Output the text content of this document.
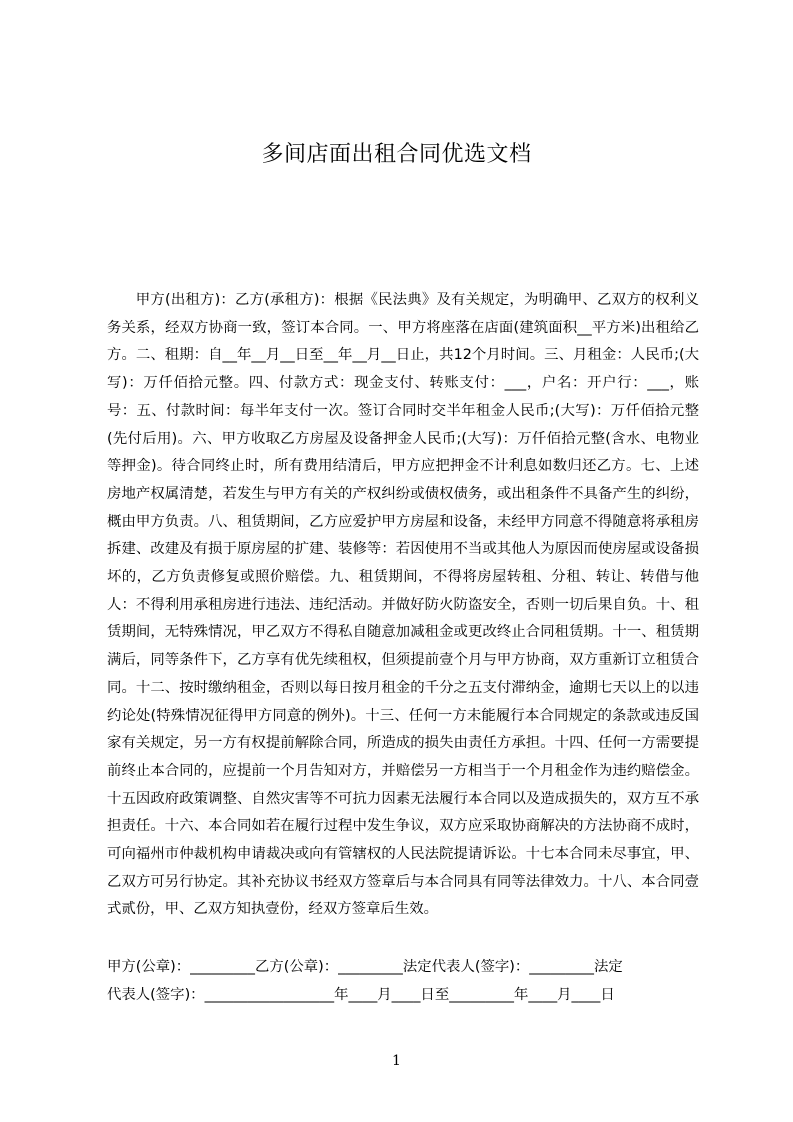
多间店面出租合同优选文档

甲方(出租方)：乙方(承租方)：根据《民法典》及有关规定，为明确甲、乙双方的权利义务关系，经双方协商一致，签订本合同。一、甲方将座落在店面(建筑面积__平方米)出租给乙方。二、租期：自__年__月__日至__年__月__日止，共12个月时间。三、月租金：人民币;(大写)：万仟佰拾元整。四、付款方式：现金支付、转账支付：___，户名：开户行：___，账号：五、付款时间：每半年支付一次。签订合同时交半年租金人民币;(大写)：万仟佰拾元整(先付后用)。六、甲方收取乙方房屋及设备押金人民币;(大写)：万仟佰拾元整(含水、电物业等押金)。待合同终止时，所有费用结清后，甲方应把押金不计利息如数归还乙方。七、上述房地产权属清楚，若发生与甲方有关的产权纠纷或债权债务，或出租条件不具备产生的纠纷，概由甲方负责。八、租赁期间，乙方应爱护甲方房屋和设备，未经甲方同意不得随意将承租房拆建、改建及有损于原房屋的扩建、装修等：若因使用不当或其他人为原因而使房屋或设备损坏的，乙方负责修复或照价赔偿。九、租赁期间，不得将房屋转租、分租、转让、转借与他人：不得利用承租房进行违法、违纪活动。并做好防火防盗安全，否则一切后果自负。十、租赁期间，无特殊情况，甲乙双方不得私自随意加减租金或更改终止合同租赁期。十一、租赁期满后，同等条件下，乙方享有优先续租权，但须提前壹个月与甲方协商，双方重新订立租赁合同。十二、按时缴纳租金，否则以每日按月租金的千分之五支付滞纳金，逾期七天以上的以违约论处(特殊情况征得甲方同意的例外)。十三、任何一方未能履行本合同规定的条款或违反国家有关规定，另一方有权提前解除合同，所造成的损失由责任方承担。十四、任何一方需要提前终止本合同的，应提前一个月告知对方，并赔偿另一方相当于一个月租金作为违约赔偿金。十五因政府政策调整、自然灾害等不可抗力因素无法履行本合同以及造成损失的，双方互不承担责任。十六、本合同如若在履行过程中发生争议，双方应采取协商解决的方法协商不成时，可向福州市仲裁机构申请裁决或向有管辖权的人民法院提请诉讼。十七本合同未尽事宜，甲、乙双方可另行协定。其补充协议书经双方签章后与本合同具有同等法律效力。十八、本合同壹式贰份，甲、乙双方知执壹份，经双方签章后生效。

甲方(公章)：_________乙方(公章)：_________法定代表人(签字)：_________法定
代表人(签字)：__________________年____月____日至_________年____月____日
1
